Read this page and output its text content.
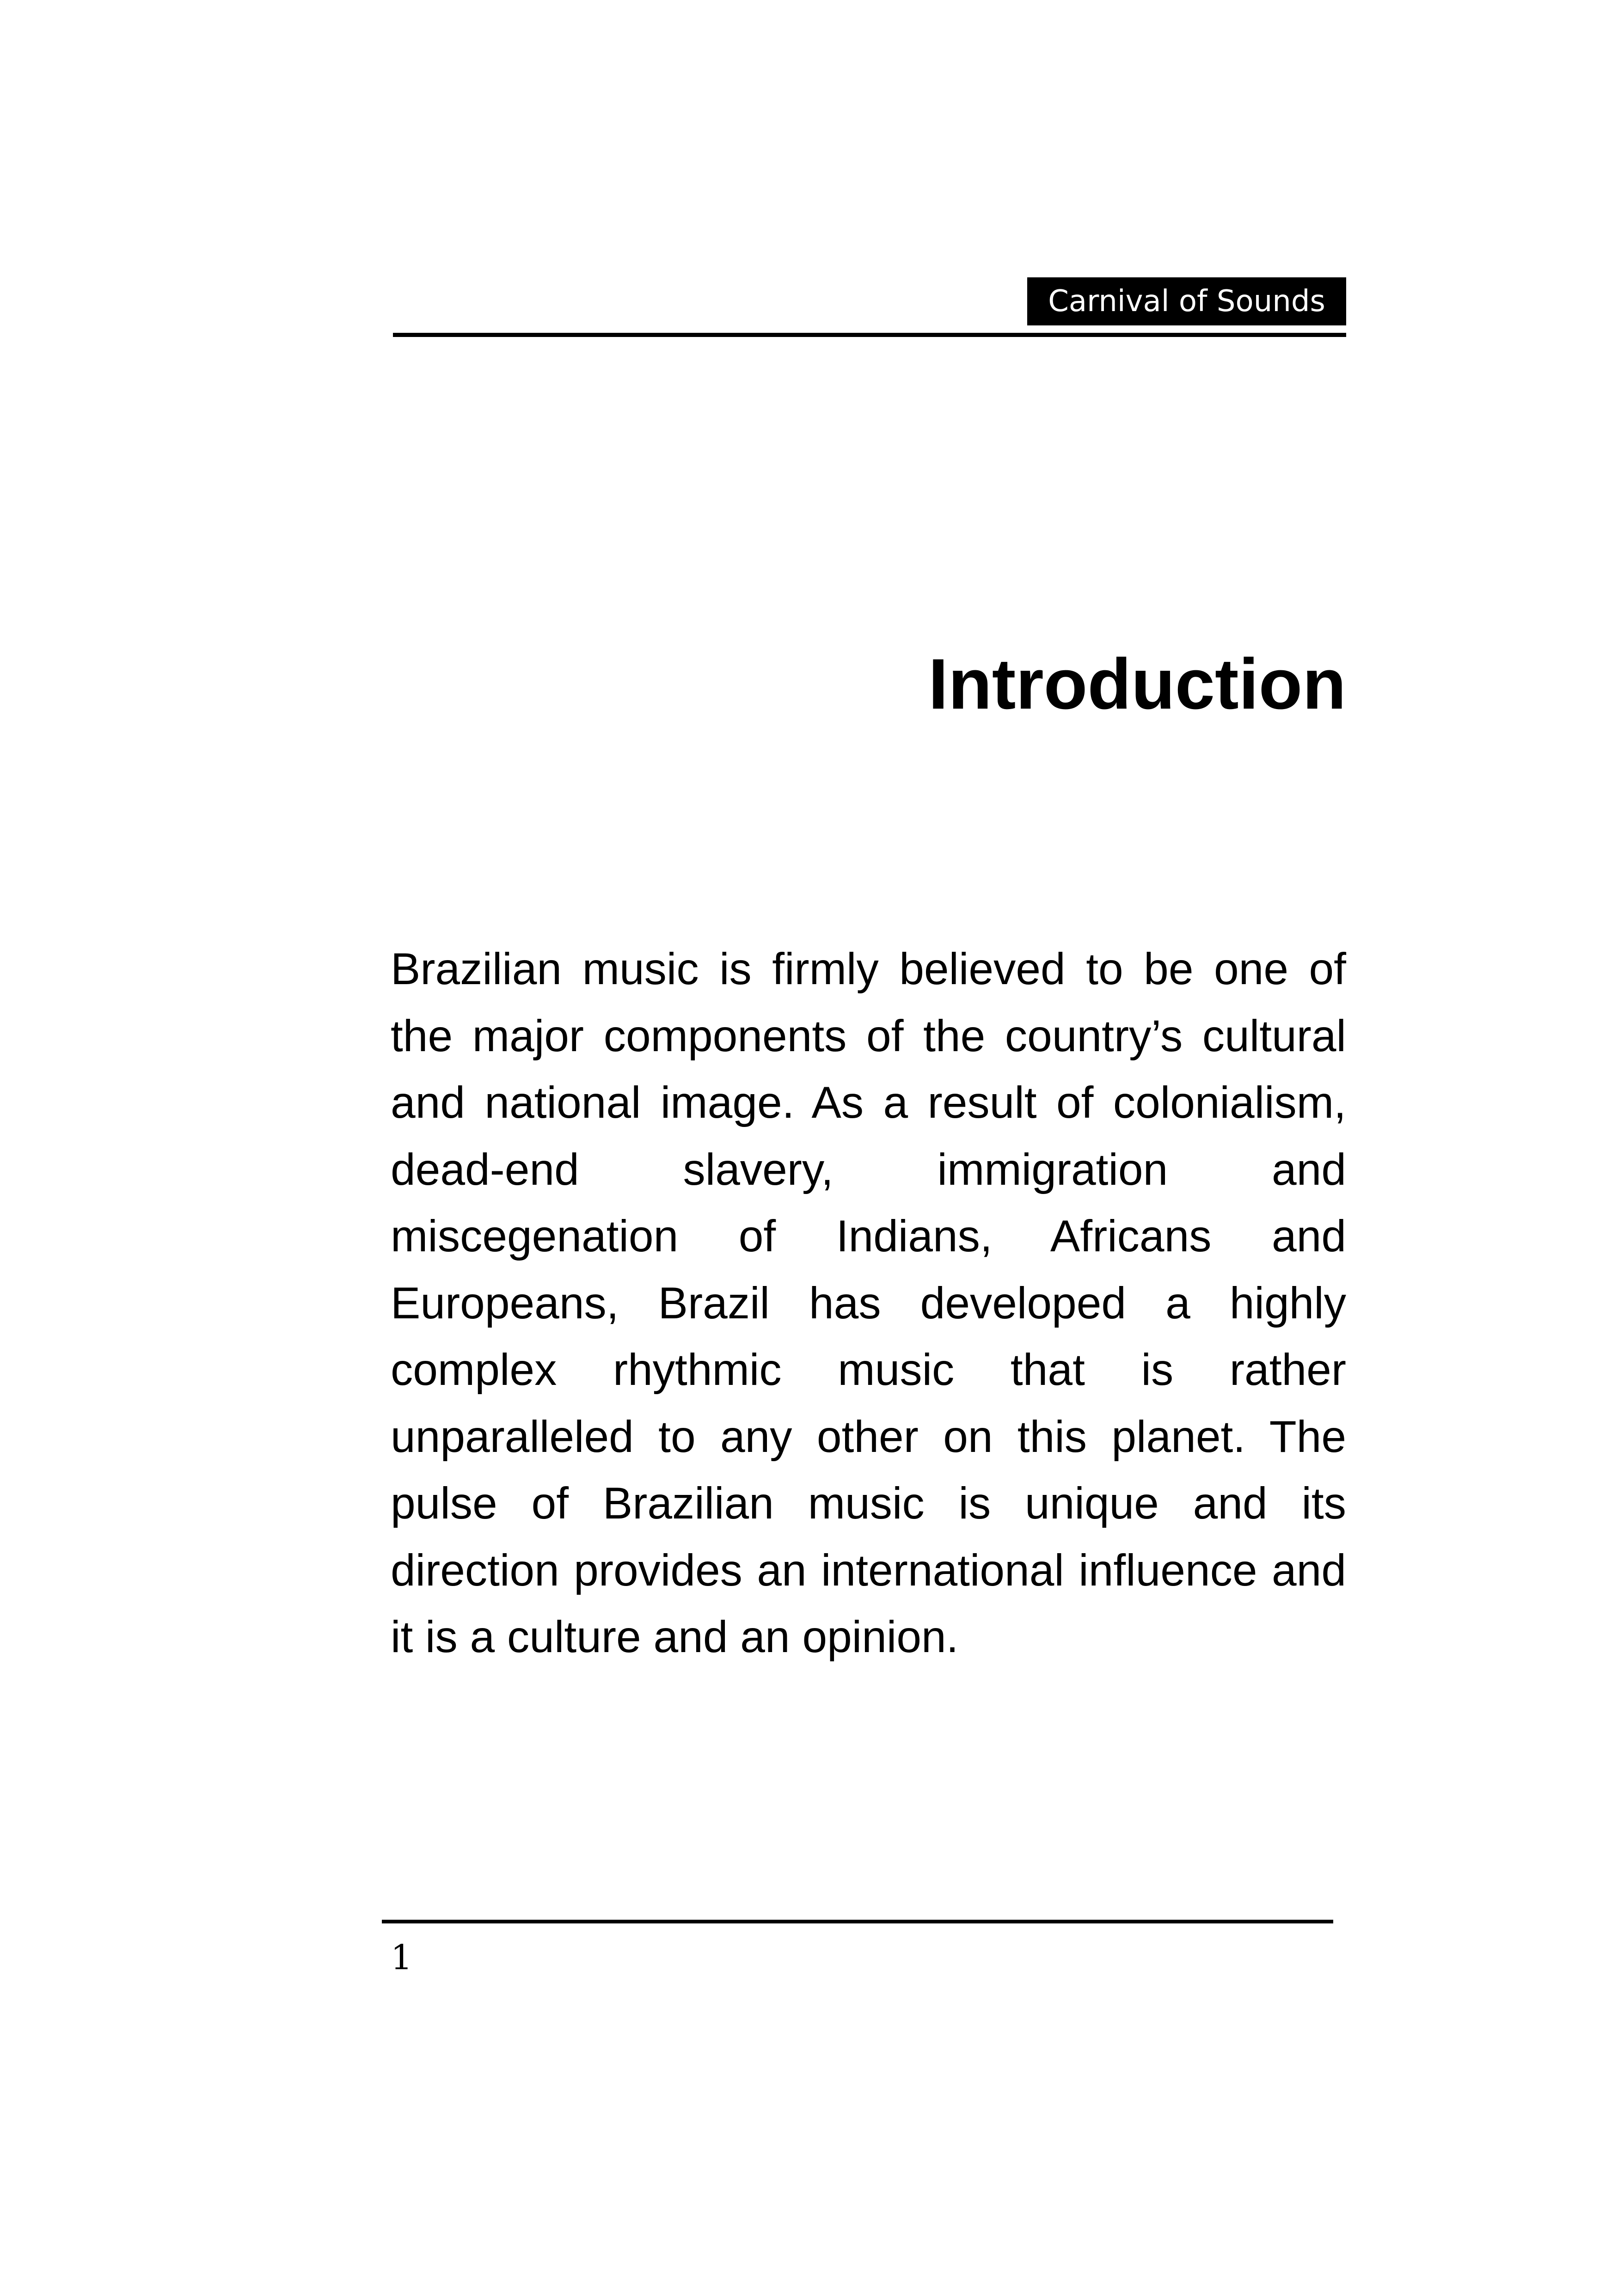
Carnival of Sounds
Introduction

Brazilian music is firmly believed to be one of the major components of the country’s cultural and national image. As a result of colonialism, dead-end slavery, immigration and miscegenation of Indians, Africans and Europeans, Brazil has developed a highly complex rhythmic music that is rather unparalleled to any other on this planet. The pulse of Brazilian music is unique and its direction provides an international influence and it is a culture and an opinion.

1
